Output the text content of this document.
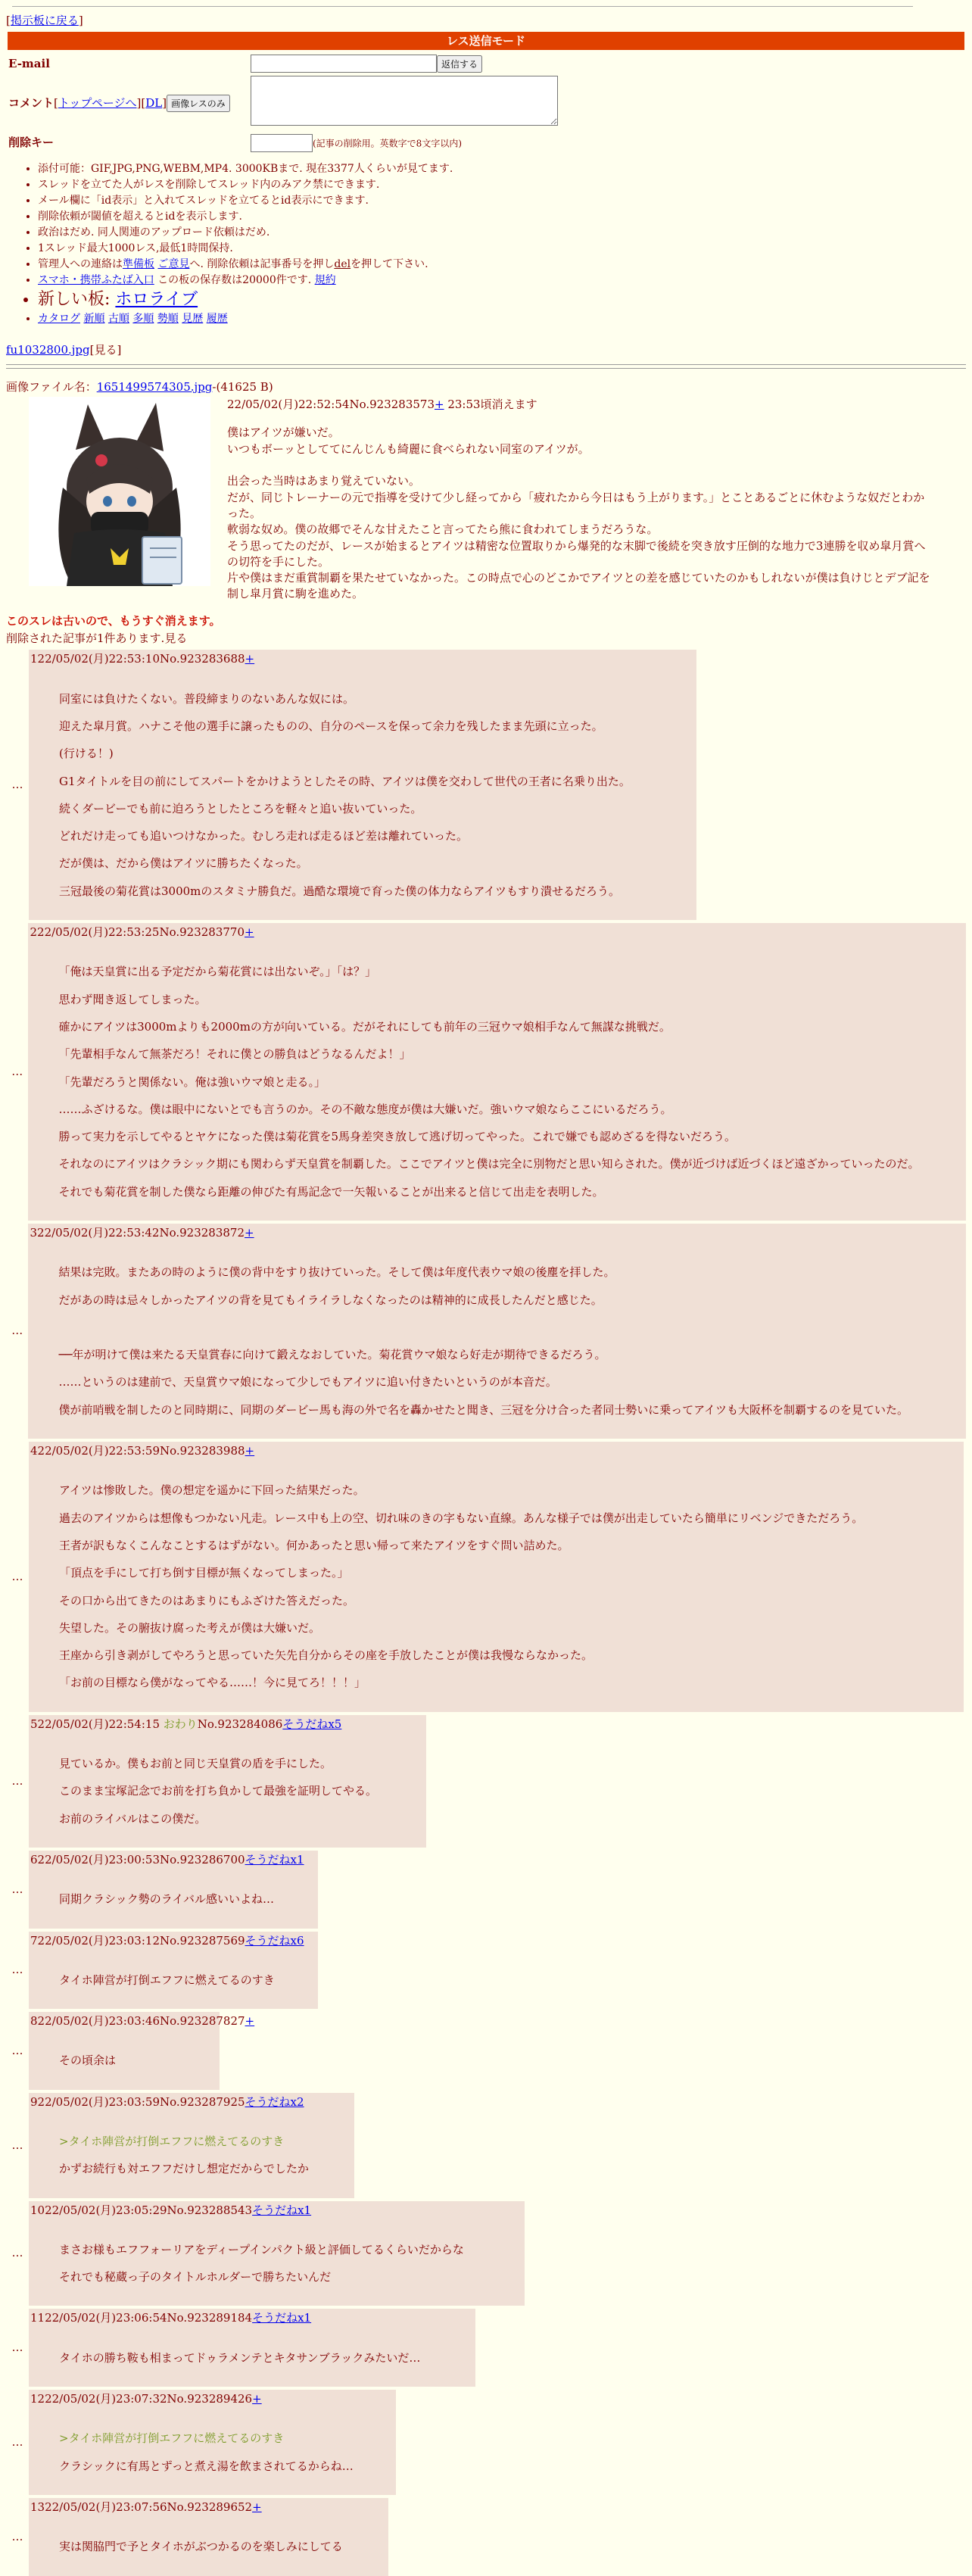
[掲示板に戻る]
レス送信モード
E-mail	返信する
コメント[トップページへ][DL] 画像レスのみ	
削除キー	(記事の削除用。英数字で8文字以内)
• 添付可能：GIF,JPG,PNG,WEBM,MP4. 3000KBまで. 現在3377人くらいが見てます.
• スレッドを立てた人がレスを削除してスレッド内のみアク禁にできます.
• メール欄に「id表示」と入れてスレッドを立てるとid表示にできます.
• 削除依頼が閾値を超えるとidを表示します.
• 政治はだめ. 同人関連のアップロード依頼はだめ.
• 1スレッド最大1000レス,最低1時間保持.
• 管理人への連絡は準備板 ご意見へ. 削除依頼は記事番号を押しdelを押して下さい.
• スマホ・携帯ふたば入口 この板の保存数は20000件です. 規約
• 新しい板: ホロライブ
• カタログ 新順 古順 多順 勢順 見歴 履歴
fu1032800.jpg[見る]
画像ファイル名：1651499574305.jpg-(41625 B)
22/05/02(月)22:52:54No.923283573+ 23:53頃消えます

僕はアイツが嫌いだ。

いつもボーッとしててにんじんも綺麗に食べられない同室のアイツが。

出会った当時はあまり覚えていない。

だが、同じトレーナーの元で指導を受けて少し経ってから「疲れたから今日はもう上がります。」とことあるごとに休むような奴だとわかった。

軟弱な奴め。僕の故郷でそんな甘えたこと言ってたら熊に食われてしまうだろうな。

そう思ってたのだが、レースが始まるとアイツは精密な位置取りから爆発的な末脚で後続を突き放す圧倒的な地力で3連勝を収め皐月賞への切符を手にした。

片や僕はまだ重賞制覇を果たせていなかった。この時点で心のどこかでアイツとの差を感じていたのかもしれないが僕は負けじとデブ記を制し皐月賞に駒を進めた。

このスレは古いので、もうすぐ消えます。
削除された記事が1件あります.見る
…
122/05/02(月)22:53:10No.923283688+

同室には負けたくない。普段締まりのないあんな奴には。

迎えた皐月賞。ハナこそ他の選手に譲ったものの、自分のペースを保って余力を残したまま先頭に立った。

(行ける！)

G1タイトルを目の前にしてスパートをかけようとしたその時、アイツは僕を交わして世代の王者に名乗り出た。

続くダービーでも前に迫ろうとしたところを軽々と追い抜いていった。

どれだけ走っても追いつけなかった。むしろ走れば走るほど差は離れていった。

だが僕は、だから僕はアイツに勝ちたくなった。

三冠最後の菊花賞は3000mのスタミナ勝負だ。過酷な環境で育った僕の体力ならアイツもすり潰せるだろう。

…
222/05/02(月)22:53:25No.923283770+

「俺は天皇賞に出る予定だから菊花賞には出ないぞ。」「は？」

思わず聞き返してしまった。

確かにアイツは3000mよりも2000mの方が向いている。だがそれにしても前年の三冠ウマ娘相手なんて無謀な挑戦だ。

「先輩相手なんて無茶だろ！それに僕との勝負はどうなるんだよ！」

「先輩だろうと関係ない。俺は強いウマ娘と走る。」

……ふざけるな。僕は眼中にないとでも言うのか。その不敵な態度が僕は大嫌いだ。強いウマ娘ならここにいるだろう。

勝って実力を示してやるとヤケになった僕は菊花賞を5馬身差突き放して逃げ切ってやった。これで嫌でも認めざるを得ないだろう。

それなのにアイツはクラシック期にも関わらず天皇賞を制覇した。ここでアイツと僕は完全に別物だと思い知らされた。僕が近づけば近づくほど遠ざかっていったのだ。

それでも菊花賞を制した僕なら距離の伸びた有馬記念で一矢報いることが出来ると信じて出走を表明した。

…
322/05/02(月)22:53:42No.923283872+

結果は完敗。またあの時のように僕の背中をすり抜けていった。そして僕は年度代表ウマ娘の後塵を拝した。

だがあの時は忌々しかったアイツの背を見てもイライラしなくなったのは精神的に成長したんだと感じた。

──年が明けて僕は来たる天皇賞春に向けて鍛えなおしていた。菊花賞ウマ娘なら好走が期待できるだろう。

……というのは建前で、天皇賞ウマ娘になって少しでもアイツに追い付きたいというのが本音だ。

僕が前哨戦を制したのと同時期に、同期のダービー馬も海の外で名を轟かせたと聞き、三冠を分け合った者同士勢いに乗ってアイツも大阪杯を制覇するのを見ていた。

…
422/05/02(月)22:53:59No.923283988+

アイツは惨敗した。僕の想定を遥かに下回った結果だった。

過去のアイツからは想像もつかない凡走。レース中も上の空、切れ味のきの字もない直線。あんな様子では僕が出走していたら簡単にリベンジできただろう。

王者が訳もなくこんなことするはずがない。何かあったと思い帰って来たアイツをすぐ問い詰めた。

「頂点を手にして打ち倒す目標が無くなってしまった。」

その口から出てきたのはあまりにもふざけた答えだった。

失望した。その腑抜け腐った考えが僕は大嫌いだ。

王座から引き剥がしてやろうと思っていた矢先自分からその座を手放したことが僕は我慢ならなかった。

「お前の目標なら僕がなってやる……！今に見てろ！！！」

…
522/05/02(月)22:54:15 おわりNo.923284086そうだねx5

見ているか。僕もお前と同じ天皇賞の盾を手にした。

このまま宝塚記念でお前を打ち負かして最強を証明してやる。

お前のライバルはこの僕だ。

…
622/05/02(月)23:00:53No.923286700そうだねx1

同期クラシック勢のライバル感いいよね…

…
722/05/02(月)23:03:12No.923287569そうだねx6

タイホ陣営が打倒エフフに燃えてるのすき

…
822/05/02(月)23:03:46No.923287827+

その頃余は

…
922/05/02(月)23:03:59No.923287925そうだねx2

>タイホ陣営が打倒エフフに燃えてるのすき

かずお続行も対エフフだけし想定だからでしたか

…
1022/05/02(月)23:05:29No.923288543そうだねx1

まさお様もエフフォーリアをディープインパクト級と評価してるくらいだからな

それでも秘蔵っ子のタイトルホルダーで勝ちたいんだ

…
1122/05/02(月)23:06:54No.923289184そうだねx1

タイホの勝ち鞍も相まってドゥラメンテとキタサンブラックみたいだ…

…
1222/05/02(月)23:07:32No.923289426+

>タイホ陣営が打倒エフフに燃えてるのすき

クラシックに有馬とずっと煮え湯を飲まされてるからね…

…
1322/05/02(月)23:07:56No.923289652+

実は関脇門で予とタイホがぶつかるのを楽しみにしてる
